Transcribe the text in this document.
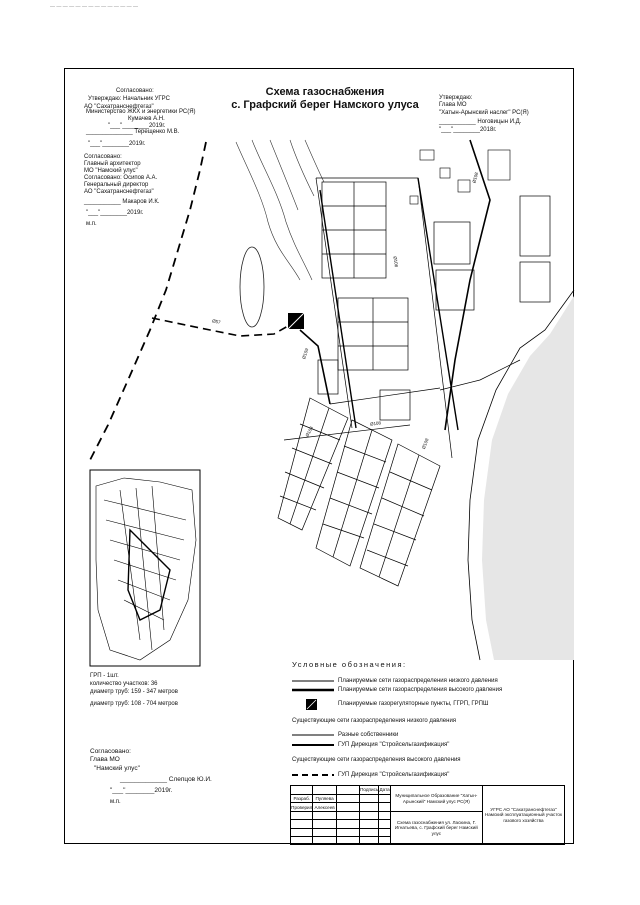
— — — — — — — — — — — — — —
Схема газоснабжения
с. Графский берег Намского улуса
Согласовано:
Утверждаю: Начальник УГРС
АО "Сахатранснефтегаз"
Министерство ЖКХ и энергетики РС(Я)
Кумачев А.Н.
______________ Терещенко М.В.
"___"________2019г.
"___"________2019г.
Согласовано:
Главный архитектор
МО "Намский улус"
Согласовано: Осипов А.А.
Генеральный директор
АО "Сахатранснефтегаз"
___________ Макаров И.К.
"___"________2019г.
м.п.
Утверждаю:
Глава МО
"Хатын-Арынский наслег" РС(Я)
___________ Ноговицын И.Д.
"___"________2018г.
Ø57
Ø159
Ø108
Ø108
Ø108
Ø108
Ø108
ГРП - 1шт.
количество участков: 36
диаметр труб: 159 - 347 метров
диаметр труб: 108 - 704 метров
Согласовано:
Глава МО
"Намский улус"
_____________ Слепцов Ю.И.
"___"________2019г.
м.п.
Условные обозначения:
Планируемые сети газораспределения низкого давления
Планируемые сети газораспределения высокого давления
Планируемые газорегуляторные пункты, ГГРП, ГРПШ
Существующие сети газораспределения низкого давления
Разные собственники
ГУП Дирекция "Стройсельгазификация"
Существующие сети газораспределения высокого давления
ГУП Дирекция "Стройсельгазификация"
			Подпись	Дата	Муниципальное Образование "Хатын-Арынский" Намский улус РС(Я)	УГРС АО "Сахатранснефтегаз" Намский эксплуатационный участок газового хозяйства
Разраб.	Пуляева					
Проверил	Алексеев					
					Схема газоснабжения ул. Ласкина, Г. Игнатьева, с. Графский берег Намский улус	
